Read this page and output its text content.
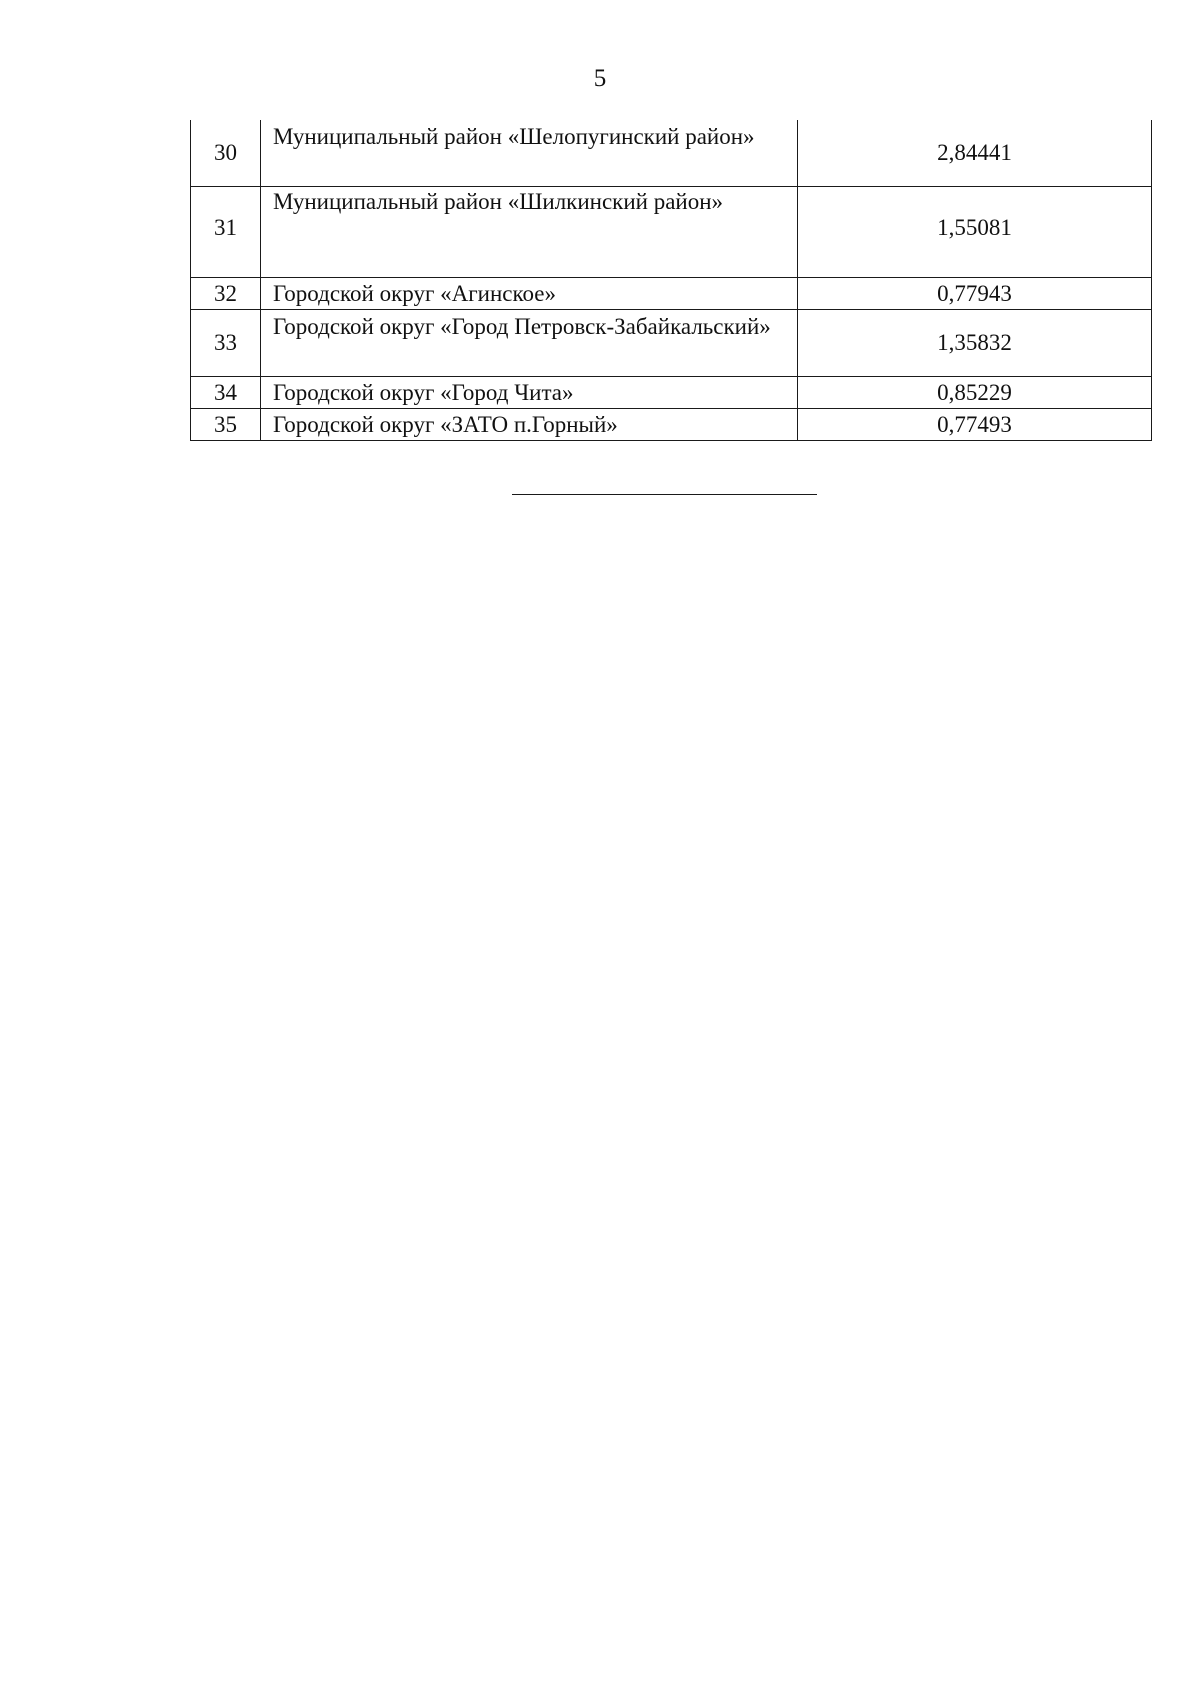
5
30	Муниципальный район «Шелопугинский район»	2,84441
31	Муниципальный район «Шилкинский район»	1,55081
32	Городской округ «Агинское»	0,77943
33	Городской округ «Город Петровск-Забайкальский»	1,35832
34	Городской округ «Город Чита»	0,85229
35	Городской округ «ЗАТО п.Горный»	0,77493
